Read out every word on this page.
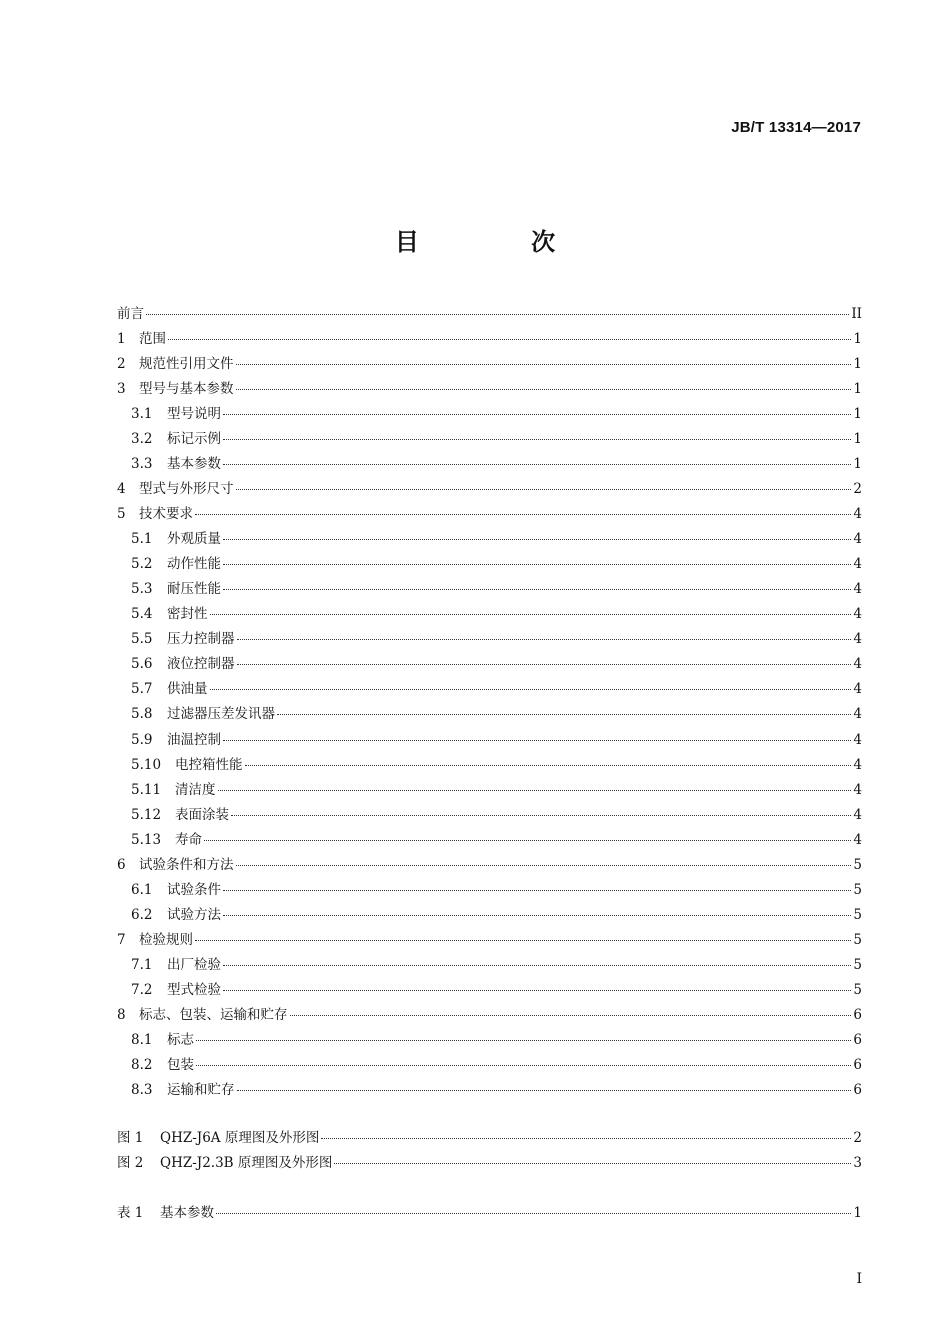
JB/T 13314—2017
目 次
前言	II
1 范围	1
2 规范性引用文件	1
3 型号与基本参数	1
3.1	型号说明	1
3.2	标记示例	1
3.3	基本参数	1
4 型式与外形尺寸	2
5 技术要求	4
5.1	外观质量	4
5.2	动作性能	4
5.3	耐压性能	4
5.4	密封性	4
5.5	压力控制器	4
5.6	液位控制器	4
5.7	供油量	4
5.8	过滤器压差发讯器	4
5.9	油温控制	4
5.10	电控箱性能	4
5.11	清洁度	4
5.12	表面涂装	4
5.13	寿命	4
6 试验条件和方法	5
6.1	试验条件	5
6.2	试验方法	5
7 检验规则	5
7.1	出厂检验	5
7.2	型式检验	5
8 标志、包装、运输和贮存	6
8.1	标志	6
8.2	包装	6
8.3	运输和贮存	6
图 1	QHZ-J6A 原理图及外形图	2
图 2	QHZ-J2.3B 原理图及外形图	3
表 1	基本参数	1
I
